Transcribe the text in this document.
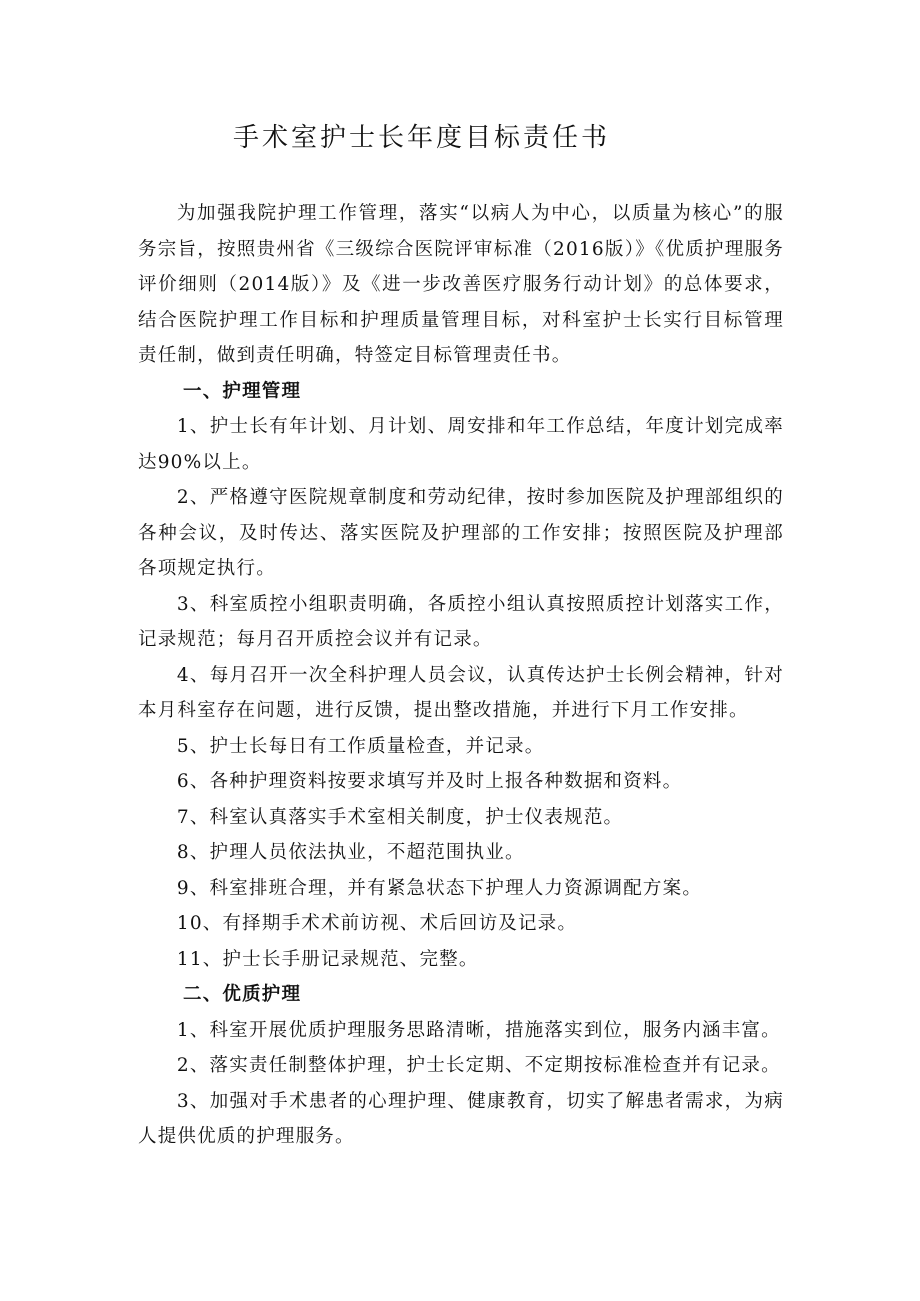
手术室护士长年度目标责任书

为加强我院护理工作管理，落实“以病人为中心，以质量为核心”的服务宗旨，按照贵州省《三级综合医院评审标准（2016版）》《优质护理服务评价细则（2014版）》及《进一步改善医疗服务行动计划》的总体要求，结合医院护理工作目标和护理质量管理目标，对科室护士长实行目标管理责任制，做到责任明确，特签定目标管理责任书。

一、护理管理

1、护士长有年计划、月计划、周安排和年工作总结，年度计划完成率达90%以上。

2、严格遵守医院规章制度和劳动纪律，按时参加医院及护理部组织的各种会议，及时传达、落实医院及护理部的工作安排；按照医院及护理部各项规定执行。

3、科室质控小组职责明确，各质控小组认真按照质控计划落实工作，记录规范；每月召开质控会议并有记录。

4、每月召开一次全科护理人员会议，认真传达护士长例会精神，针对本月科室存在问题，进行反馈，提出整改措施，并进行下月工作安排。

5、护士长每日有工作质量检查，并记录。

6、各种护理资料按要求填写并及时上报各种数据和资料。

7、科室认真落实手术室相关制度，护士仪表规范。

8、护理人员依法执业，不超范围执业。

9、科室排班合理，并有紧急状态下护理人力资源调配方案。

10、有择期手术术前访视、术后回访及记录。

11、护士长手册记录规范、完整。

二、优质护理

1、科室开展优质护理服务思路清晰，措施落实到位，服务内涵丰富。

2、落实责任制整体护理，护士长定期、不定期按标准检查并有记录。

3、加强对手术患者的心理护理、健康教育，切实了解患者需求，为病人提供优质的护理服务。
